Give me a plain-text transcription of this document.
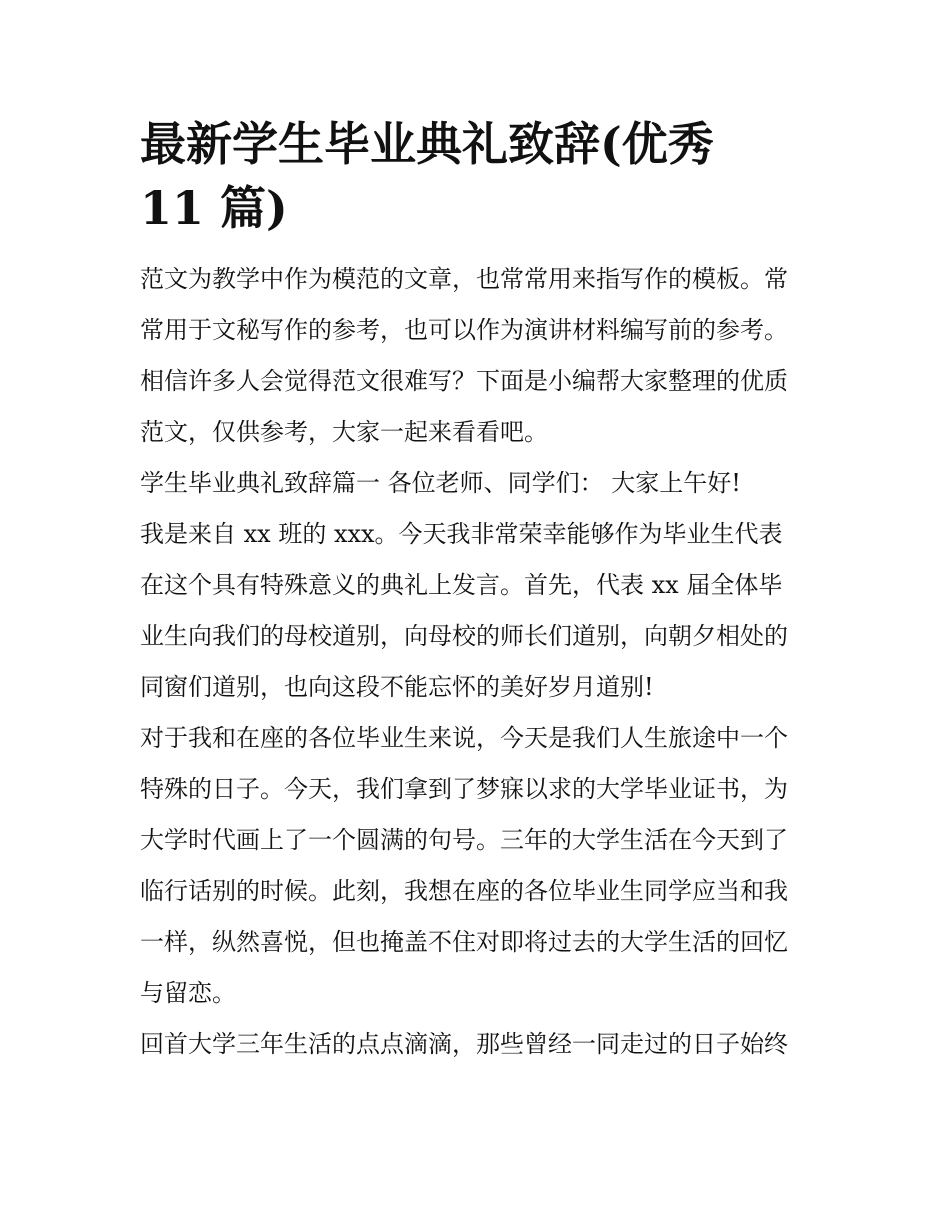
最新学生毕业典礼致辞(优秀
11 篇)

范文为教学中作为模范的文章，也常常用来指写作的模板。常
常用于文秘写作的参考，也可以作为演讲材料编写前的参考。
相信许多人会觉得范文很难写？下面是小编帮大家整理的优质
范文，仅供参考，大家一起来看看吧。

学生毕业典礼致辞篇一 各位老师、同学们： 大家上午好!

我是来自 xx 班的 xxx。今天我非常荣幸能够作为毕业生代表
在这个具有特殊意义的典礼上发言。首先，代表 xx 届全体毕
业生向我们的母校道别，向母校的师长们道别，向朝夕相处的
同窗们道别，也向这段不能忘怀的美好岁月道别!

对于我和在座的各位毕业生来说，今天是我们人生旅途中一个
特殊的日子。今天，我们拿到了梦寐以求的大学毕业证书，为
大学时代画上了一个圆满的句号。三年的大学生活在今天到了
临行话别的时候。此刻，我想在座的各位毕业生同学应当和我
一样，纵然喜悦，但也掩盖不住对即将过去的大学生活的回忆
与留恋。

回首大学三年生活的点点滴滴，那些曾经一同走过的日子始终
